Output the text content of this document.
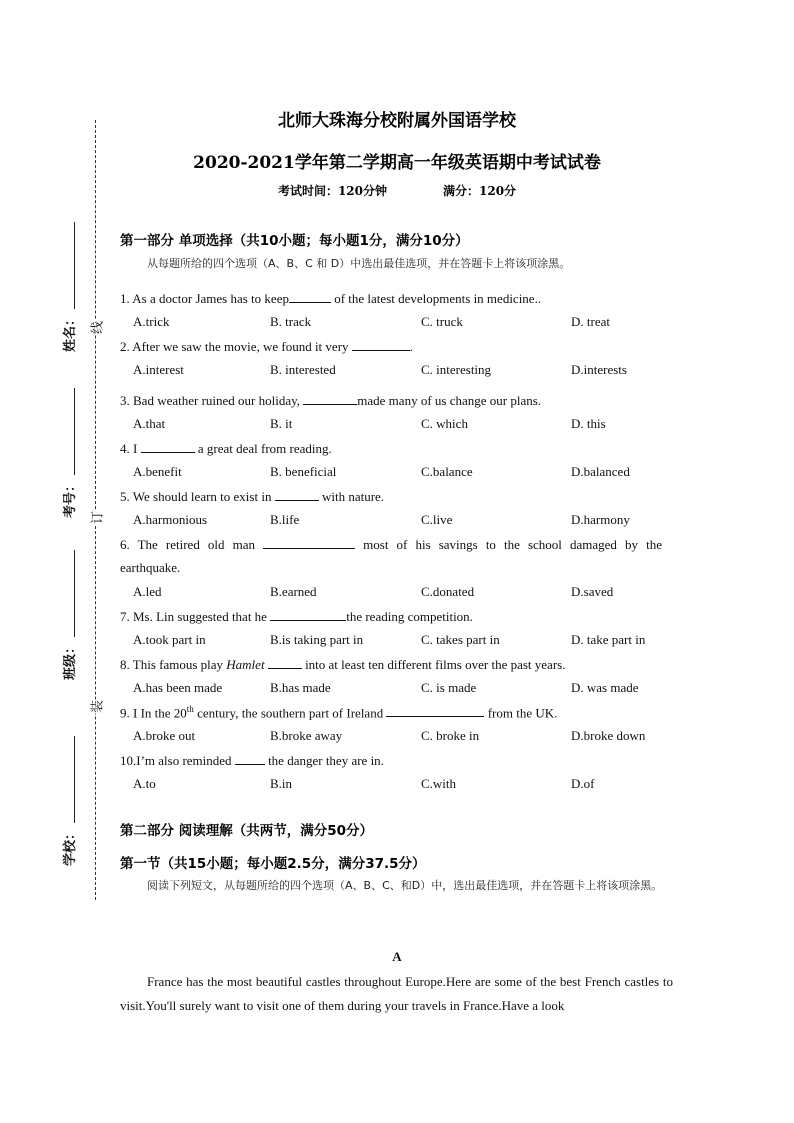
线
订
装
姓名：
考号：
班级：
学校：
北师大珠海分校附属外国语学校
2020-2021学年第二学期高一年级英语期中考试试卷
考试时间：120分钟	满分：120分
第一部分 单项选择（共10小题；每小题1分，满分10分）
从每题所给的四个选项（A、B、C 和 D）中选出最佳选项，并在答题卡上将该项涂黑。
1. As a doctor James has to keep	of the latest developments in medicine..
A.trick	B. track	C. truck	D. treat
2. After we saw the movie, we found it very	.
A.interest	B. interested	C. interesting	D.interests
3. Bad weather ruined our holiday,	made many of us change our plans.
A.that	B. it	C. which	D. this
4. I	a great deal from reading.
A.benefit	B. beneficial	C.balance	D.balanced
5. We should learn to exist in	with nature.
A.harmonious	B.life	C.live	D.harmony
6. The retired old man	most of his savings to the school damaged by the
earthquake.
A.led	B.earned	C.donated	D.saved
7. Ms. Lin suggested that he	the reading competition.
A.took part in	B.is taking part in	C. takes part in	D. take part in
8. This famous play Hamlet	into at least ten different films over the past years.
A.has been made	B.has made	C. is made	D. was made
9. I In the 20th century, the southern part of Ireland	from the UK.
A.broke out	B.broke away	C. broke in	D.broke down
10.I’m also reminded  the danger they are in.
A.to	B.in	C.with	D.of
第二部分 阅读理解（共两节，满分50分）
第一节（共15小题；每小题2.5分，满分37.5分）
阅读下列短文，从每题所给的四个选项（A、B、C、和D）中，选出最佳选项，并在答题卡上将该项涂黑。
A
France has the most beautiful castles throughout Europe.Here are some of the best French castles to visit.You'll surely want to visit one of them during your travels in France.Have a look
